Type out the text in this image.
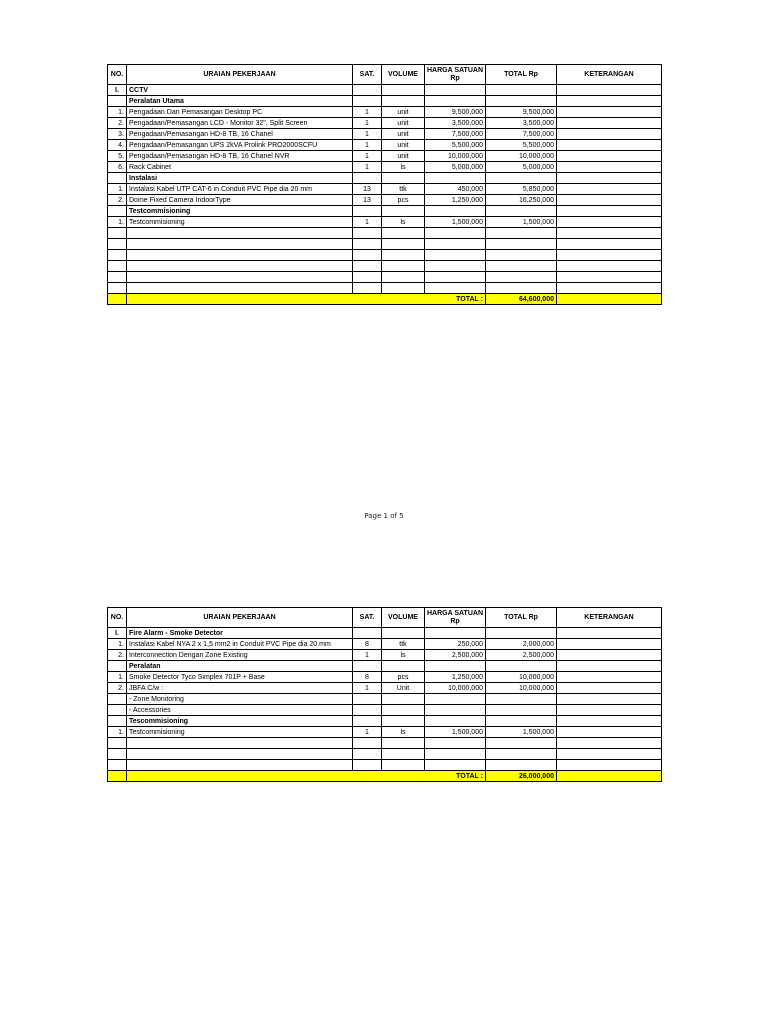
NO.	URAIAN PEKERJAAN	SAT.	VOLUME	HARGA SATUAN Rp	TOTAL Rp	KETERANGAN
I.	CCTV					
	Peralatan Utama					
1.	Pengadaan Dan Pemasangan Desktop PC	1	unit	9,500,000	9,500,000	
2.	Pengadaan/Pemasangan LCD - Monitor 32", Split Screen	1	unit	3,500,000	3,500,000	
3.	Pengadaan/Pemasangan HD-8 TB, 16 Chanel	1	unit	7,500,000	7,500,000	
4.	Pengadaan/Pemasangan UPS 2kVA Prolink PRO2000SCFU	1	unit	5,500,000	5,500,000	
5.	Pengadaan/Pemasangan HD-8 TB, 16 Chanel NVR	1	unit	10,000,000	10,000,000	
6.	Rack Cabinet	1	ls	5,000,000	5,000,000	
	Instalasi					
1.	Instalasi Kabel UTP CAT-6 in Conduit PVC Pipe dia 20 mm	13	ttk	450,000	5,850,000	
2.	Dome Fixed Camera IndoorType	13	pcs	1,250,000	16,250,000	
	Testcommisioning					
1.	Testcommisioning	1	ls	1,500,000	1,500,000	

	TOTAL :				64,600,000	
Page 1 of 5
NO.	URAIAN PEKERJAAN	SAT.	VOLUME	HARGA SATUAN Rp	TOTAL Rp	KETERANGAN
I.	Fire Alarm - Smoke Detector					
1.	Instalasi Kabel NYA 2 x 1,5 mm2 in Conduit PVC Pipe dia 20 mm	8	ttk	250,000	2,000,000	
2.	Interconnection Dengan Zone Existing	1	ls	2,500,000	2,500,000	
	Peralatan					
1.	Smoke Detector Tyco Simplex 701P + Base	8	pcs	1,250,000	10,000,000	
2.	JBFA C/w :	1	Unit	10,000,000	10,000,000	
	- Zone Monitoring					
	- Accessories					
	Tescommisioning					
1.	Testcommisioning	1	ls	1,500,000	1,500,000	

	TOTAL :				26,000,000	
